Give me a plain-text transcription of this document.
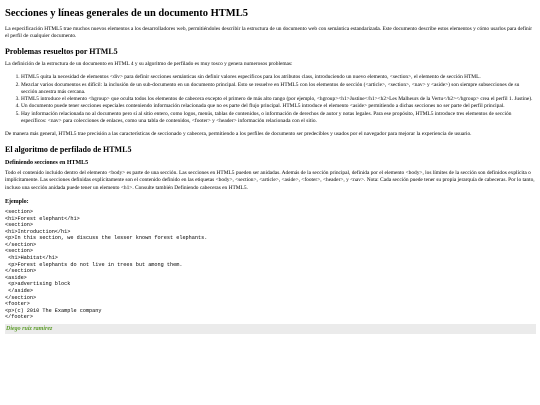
Secciones y líneas generales de un documento HTML5

La especificación HTML5 trae muchos nuevos elementos a los desarrolladores web, permitiéndoles describir la estructura de un documento web con semántica estandarizada. Este documento describe estos elementos y cómo usarlos para definir el perfil de cualquier documento.

Problemas resueltos por HTML5

La definición de la estructura de un documento en HTML 4 y su algoritmo de perfilado es muy tosco y genera numerosos problemas:

1. HTML5 quita la necesidad de elementos <div> para definir secciones semánticas sin definir valores específicos para los atributos class, introduciendo un nuevo elemento, <section>, el elemento de sección HTML.
2. Mezclar varios documentos es difícil: la inclusión de un sub-documento en un documento principal. Esto se resuelve en HTML5 con los elementos de sección (<article>, <section>, <nav> y <aside>) son siempre subsecciones de su sección ancestra más cercana.
3. HTML5 introduce el elemento <hgroup> que oculta todos los elementos de cabecera excepto el primero de más alto rango (por ejemplo, <hgroup><h1>Justine</h1><h2>Les Malheurs de la Vertu</h2></hgroup> crea el perfil 1. Justine).
4. Un documento puede tener secciones especiales conteniendo información relacionada que no es parte del flujo principal. HTML5 introduce el elemento <aside> permitiendo a dichas secciones no ser parte del perfil principal.
5. Hay información relacionada no al documento pero sí al sitio entero, como logos, menús, tablas de contenidos, o información de derechos de autor y notas legales. Para ese propósito, HTML5 introduce tres elementos de sección específicos: <nav> para colecciones de enlaces, como una tabla de contenidos, <footer> y <header> información relacionada con el sitio.

De manera más general, HTML5 trae precisión a las características de seccionado y cabecera, permitiendo a los perfiles de documento ser predecibles y usados por el navegador para mejorar la experiencia de usuario.

El algoritmo de perfilado de HTML5
Definiendo secciones en HTML5

Todo el contenido incluido dentro del elemento <body> es parte de una sección. Las secciones en HTML5 pueden ser anidadas. Además de la sección principal, definida por el elemento <body>, los límites de la sección son definidos explícita o implícitamente. Las secciones definidas explícitamente son el contenido definido en las etiquetas <body>, <section>, <article>, <aside>, <footer>, <header>, y <nav>. Nota: Cada sección puede tener su propia jerarquía de cabeceras. Por lo tanto, incluso una sección anidada puede tener un elemento <h1>. Consulte también Definiendo cabeceras en HTML5.

Ejemplo:
<section>
<h1>Forest elephant</h1>
<section>
<h1>Introduction</h1>
<p>In this section, we discuss the lesser known forest elephants.
</section>
<section>
<h1>Habitat</h1>
<p>Forest elephants do not live in trees but among them.
</section>
<aside>
<p>advertising block
</aside>
</section>
<footer>
<p>(c) 2010 The Example company
</footer>
Diego ruiz ramirez
